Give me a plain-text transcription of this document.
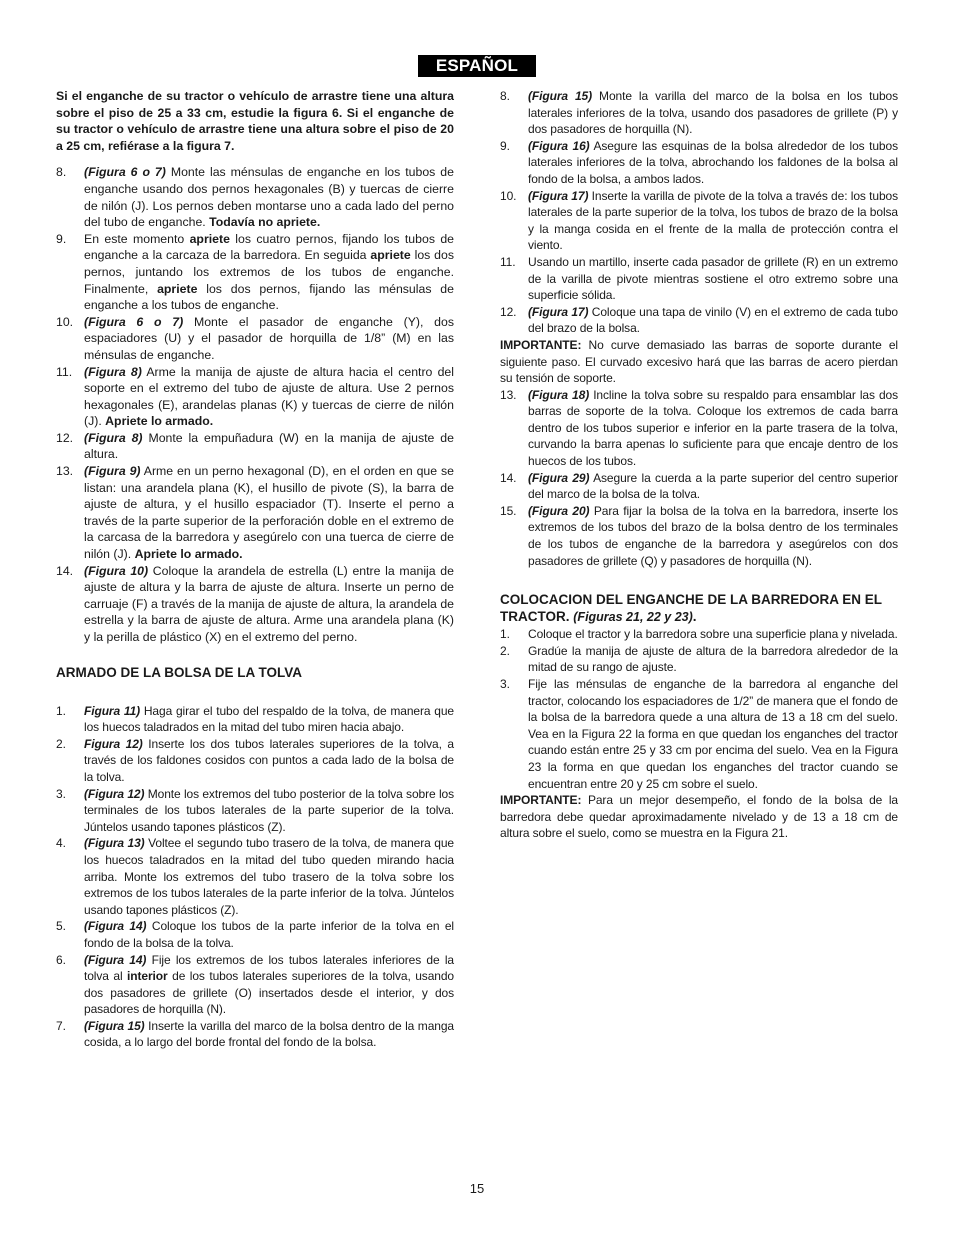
ESPAÑOL

Si el enganche de su tractor o vehículo de arrastre tiene una altura sobre el piso de 25 a 33 cm, estudie la figura 6. Si el enganche de su tractor o vehículo de arrastre tiene una altura sobre el piso de 20 a 25 cm, refiérase a la figura 7.

8. (Figura 6 o 7) Monte las ménsulas de enganche en los tubos de enganche usando dos pernos hexagonales (B) y tuercas de cierre de nilón (J). Los pernos deben montarse uno a cada lado del perno del tubo de enganche. Todavía no apriete.
9. En este momento apriete los cuatro pernos, fijando los tubos de enganche a la carcaza de la barredora. En seguida apriete los dos pernos, juntando los extremos de los tubos de enganche. Finalmente, apriete los dos pernos, fijando las ménsulas de enganche a los tubos de enganche.
10. (Figura 6 o 7) Monte el pasador de enganche (Y), dos espaciadores (U) y el pasador de horquilla de 1/8” (M) en las ménsulas de enganche.
11. (Figura 8) Arme la manija de ajuste de altura hacia el centro del soporte en el extremo del tubo de ajuste de altura. Use 2 pernos hexagonales (E), arandelas planas (K) y tuercas de cierre de nilón (J). Apriete lo armado.
12. (Figura 8) Monte la empuñadura (W) en la manija de ajuste de altura.
13. (Figura 9) Arme en un perno hexagonal (D), en el orden en que se listan: una arandela plana (K), el husillo de pivote (S), la barra de ajuste de altura, y el husillo espaciador (T). Inserte el perno a través de la parte superior de la perforación doble en el extremo de la carcasa de la barredora y asegúrelo con una tuerca de cierre de nilón (J). Apriete lo armado.
14. (Figura 10) Coloque la arandela de estrella (L) entre la manija de ajuste de altura y la barra de ajuste de altura. Inserte un perno de carruaje (F) a través de la manija de ajuste de altura, la arandela de estrella y la barra de ajuste de altura. Arme una arandela plana (K) y la perilla de plástico (X) en el extremo del perno.

ARMADO DE LA BOLSA DE LA TOLVA

1. Figura 11) Haga girar el tubo del respaldo de la tolva, de manera que los huecos taladrados en la mitad del tubo miren hacia abajo.
2. Figura 12) Inserte los dos tubos laterales superiores de la tolva, a través de los faldones cosidos con puntos a cada lado de la bolsa de la tolva.
3. (Figura 12) Monte los extremos del tubo posterior de la tolva sobre los terminales de los tubos laterales de la parte superior de la tolva. Júntelos usando tapones plásticos (Z).
4. (Figura 13) Voltee el segundo tubo trasero de la tolva, de manera que los huecos taladrados en la mitad del tubo queden mirando hacia arriba. Monte los extremos del tubo trasero de la tolva sobre los extremos de los tubos laterales de la parte inferior de la tolva. Júntelos usando tapones plásticos (Z).
5. (Figura 14) Coloque los tubos de la parte inferior de la tolva en el fondo de la bolsa de la tolva.
6. (Figura 14) Fije los extremos de los tubos laterales inferiores de la tolva al interior de los tubos laterales superiores de la tolva, usando dos pasadores de grillete (O) insertados desde el interior, y dos pasadores de horquilla (N).
7. (Figura 15) Inserte la varilla del marco de la bolsa dentro de la manga cosida, a lo largo del borde frontal del fondo de la bolsa.
8. (Figura 15) Monte la varilla del marco de la bolsa en los tubos laterales inferiores de la tolva, usando dos pasadores de grillete (P) y dos pasadores de horquilla (N).
9. (Figura 16) Asegure las esquinas de la bolsa alrededor de los tubos laterales inferiores de la tolva, abrochando los faldones de la bolsa al fondo de la bolsa, a ambos lados.
10. (Figura 17) Inserte la varilla de pivote de la tolva a través de: los tubos laterales de la parte superior de la tolva, los tubos de brazo de la bolsa y la manga cosida en el frente de la malla de protección contra el viento.
11. Usando un martillo, inserte cada pasador de grillete (R) en un extremo de la varilla de pivote mientras sostiene el otro extremo sobre una superficie sólida.
12. (Figura 17) Coloque una tapa de vinilo (V) en el extremo de cada tubo del brazo de la bolsa.

IMPORTANTE: No curve demasiado las barras de soporte durante el siguiente paso. El curvado excesivo hará que las barras de acero pierdan su tensión de soporte.

13. (Figura 18) Incline la tolva sobre su respaldo para ensamblar las dos barras de soporte de la tolva. Coloque los extremos de cada barra dentro de los tubos superior e inferior en la parte trasera de la tolva, curvando la barra apenas lo suficiente para que encaje dentro de los huecos de los tubos.
14. (Figura 29) Asegure la cuerda a la parte superior del centro superior del marco de la bolsa de la tolva.
15. (Figura 20) Para fijar la bolsa de la tolva en la barredora, inserte los extremos de los tubos del brazo de la bolsa dentro de los terminales de los tubos de enganche de la barredora y asegúrelos con dos pasadores de grillete (Q) y pasadores de horquilla (N).

COLOCACION DEL ENGANCHE DE LA BARREDORA EN EL TRACTOR. (Figuras 21, 22 y 23).

1. Coloque el tractor y la barredora sobre una superficie plana y nivelada.
2. Gradúe la manija de ajuste de altura de la barredora alrededor de la mitad de su rango de ajuste.
3. Fije las ménsulas de enganche de la barredora al enganche del tractor, colocando los espaciadores de 1/2” de manera que el fondo de la bolsa de la barredora quede a una altura de 13 a 18 cm del suelo. Vea en la Figura 22 la forma en que quedan los enganches del tractor cuando están entre 25 y 33 cm por encima del suelo. Vea en la Figura 23 la forma en que quedan los enganches del tractor cuando se encuentran entre 20 y 25 cm sobre el suelo.

IMPORTANTE: Para un mejor desempeño, el fondo de la bolsa de la barredora debe quedar aproximadamente nivelado y de 13 a 18 cm de altura sobre el suelo, como se muestra en la Figura 21.

15
